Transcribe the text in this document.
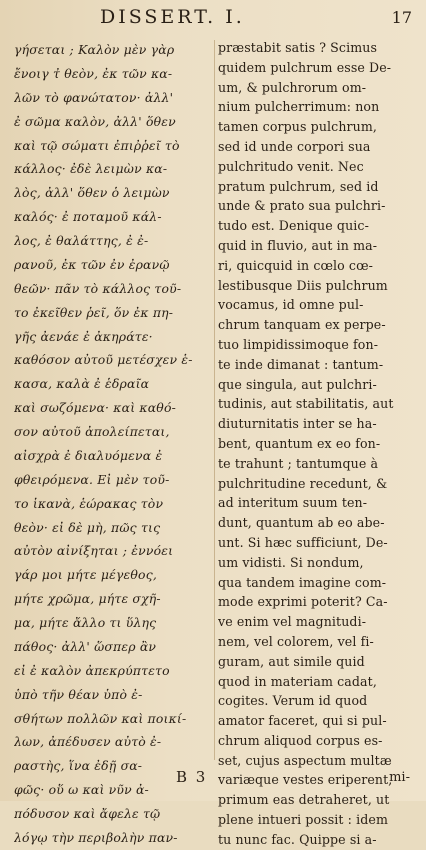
DISSERT. I.	17
γήσεται ; Καλὸν μὲν γὰρ
ἔνοιγ τ̓ θεὸν, ἐκ τῶν κα-
λῶν τὸ φανώτατον· ἀλλ'
ἐ σῶμα καλὸν, ἀλλ' ὅθεν
καὶ τῷ σώματι ἐπιῤῥεῖ τὸ
κάλλος· ἐδὲ λειμὼν κα-
λὸς, ἀλλ' ὅθεν ὁ λειμὼν
καλός· ἐ ποταμοῦ κάλ-
λος, ἐ θαλάττης, ἐ ἐ-
ρανοῦ, ἐκ τῶν ἐν ἐρανῷ
θεῶν· πᾶν τὸ κάλλος τοῦ-
το ἐκεῖθεν ῥεῖ, ὅν ἐκ πη-
γῆς ἀενάε ἐ ἀκηράτε·
καθόσον αὐτοῦ μετέσχεν ἑ-
κασα, καλὰ ἐ ἑδραῖα
καὶ σωζόμενα· καὶ καθό-
σον αὐτοῦ ἀπολείπεται,
αἰσχρὰ ἐ διαλυόμενα ἐ
φθειρόμενα. Εἰ μὲν τοῦ-
το ἱκανὰ, ἑώρακας τὸν
θεὸν· εἰ δὲ μὴ, πῶς τις
αὐτὸν αἰνίξηται ; ἐννόει
γάρ μοι μήτε μέγεθος,
μήτε χρῶμα, μήτε σχῆ-
μα, μήτε ἄλλο τι ὕλης
πάθος· ἀλλ' ὥσπερ ἂν
εἰ ἐ καλὸν ἀπεκρύπτετο
ὑπὸ τῆν θέαν ὑπὸ ἐ-
σθήτων πολλῶν καὶ ποικί-
λων, ἀπέδυσεν αὐτὸ ἐ-
ραστὴς, ἵνα ἐδῇ σα-
φῶς· οὕ ω καὶ νῦν ἀ-
πόδυσον καὶ ἄφελε τῷ
λόγῳ τὴν περιβολὴν παν-
præstabit satis ? Scimus
quidem pulchrum esse De-
um, & pulchrorum om-
nium pulcherrimum: non
tamen corpus pulchrum,
sed id unde corpori sua
pulchritudo venit. Nec
pratum pulchrum, sed id
unde & prato sua pulchri-
tudo est. Denique quic-
quid in fluvio, aut in ma-
ri, quicquid in cœlo cœ-
lestibusque Diis pulchrum
vocamus, id omne pul-
chrum tanquam ex perpe-
tuo limpidissimoque fon-
te inde dimanat : tantum-
que singula, aut pulchri-
tudinis, aut stabilitatis, aut
diuturnitatis inter se ha-
bent, quantum ex eo fon-
te trahunt ; tantumque à
pulchritudine recedunt, &
ad interitum suum ten-
dunt, quantum ab eo abe-
unt. Si hæc sufficiunt, De-
um vidisti. Si nondum,
qua tandem imagine com-
mode exprimi poterit? Ca-
ve enim vel magnitudi-
nem, vel colorem, vel fi-
guram, aut simile quid
quod in materiam cadat,
cogites. Verum id quod
amator faceret, qui si pul-
chrum aliquod corpus es-
set, cujus aspectum multæ
variæque vestes eriperent,
primum eas detraheret, ut
plene intueri possit : idem
tu nunc fac. Quippe si a-
B 3	mi-
